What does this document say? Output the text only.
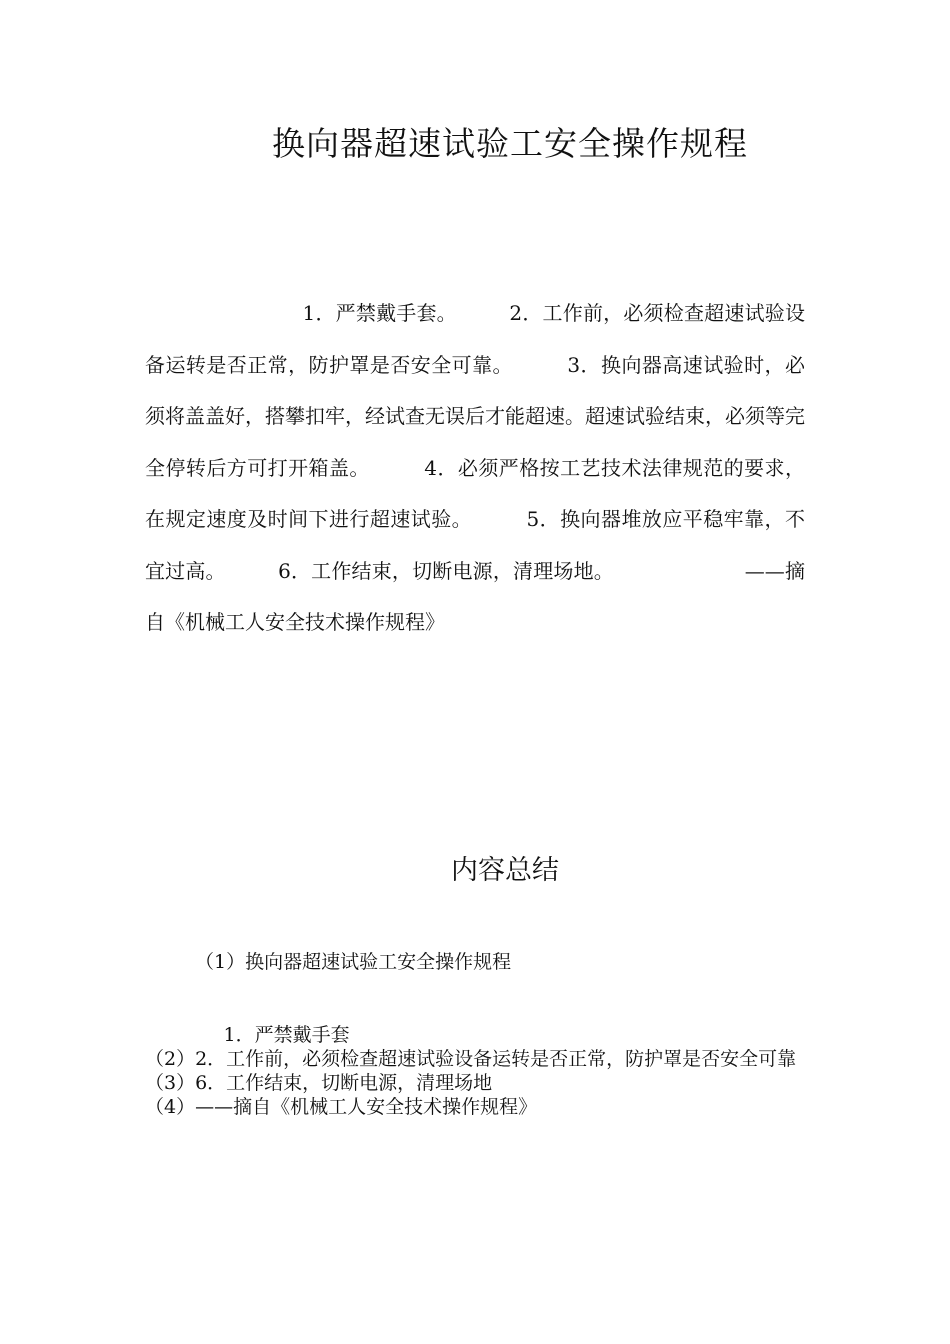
换向器超速试验工安全操作规程
1．严禁戴手套。        2．工作前，必须检查超速试验设备运转是否正常，防护罩是否安全可靠。        3．换向器高速试验时，必须将盖盖好，搭攀扣牢，经试查无误后才能超速。超速试验结束，必须等完全停转后方可打开箱盖。        4．必须严格按工艺技术法律规范的要求，在规定速度及时间下进行超速试验。        5．换向器堆放应平稳牢靠，不宜过高。        6．工作结束，切断电源，清理场地。                    ——摘自《机械工人安全技术操作规程》
内容总结
（1）换向器超速试验工安全操作规程
1．严禁戴手套
（2）2．工作前，必须检查超速试验设备运转是否正常，防护罩是否安全可靠
（3）6．工作结束，切断电源，清理场地
（4）——摘自《机械工人安全技术操作规程》
